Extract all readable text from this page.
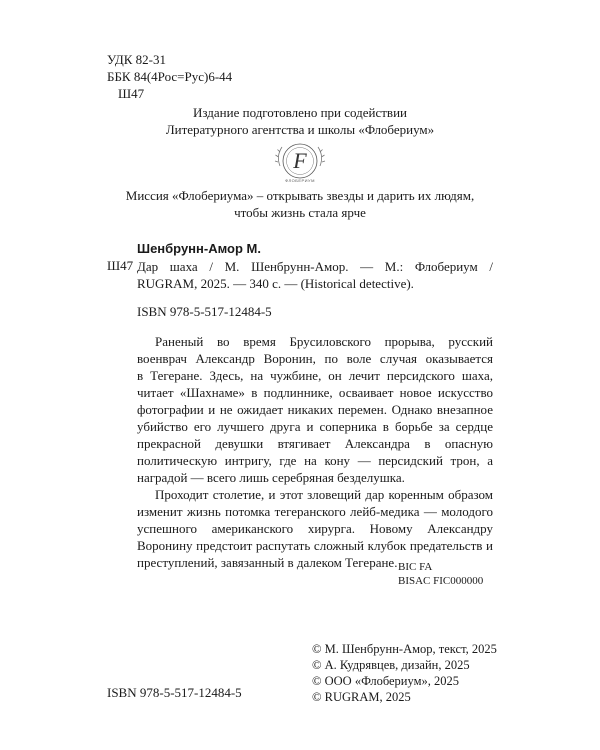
УДК 82-31
ББК 84(4Рос=Рус)6-44
Ш47
Издание подготовлено при содействии
Литературного агентства и школы «Флобериум»
F
ФЛОБЕРИУМ
Миссия «Флобериума» – открывать звезды и дарить их людям,
чтобы жизнь стала ярче
Шенбрунн-Амор М.
Ш47 Дар шаха / М. Шенбрунн-Амор. — М.: Флобериум /
RUGRAM, 2025. — 340 с. — (Historical detective).
ISBN 978-5-517-12484-5
Раненый во время Брусиловского прорыва, русский
военврач Александр Воронин, по воле случая оказывается
в Тегеране. Здесь, на чужбине, он лечит персидского шаха,
читает «Шахнаме» в подлиннике, осваивает новое искусство
фотографии и не ожидает никаких перемен. Однако внезапное
убийство его лучшего друга и соперника в борьбе за сердце
прекрасной девушки втягивает Александра в опасную
политическую интригу, где на кону — персидский трон, а
наградой — всего лишь серебряная безделушка.
Проходит столетие, и этот зловещий дар коренным образом
изменит жизнь потомка тегеранского лейб-медика — молодого
успешного американского хирурга. Новому Александру
Воронину предстоит распутать сложный клубок предательств и
преступлений, завязанный в далеком Тегеране. BIC FA
BISAC FIC000000
© М. Шенбрунн-Амор, текст, 2025
© А. Кудрявцев, дизайн, 2025
© ООО «Флобериум», 2025
© RUGRAM, 2025
ISBN 978-5-517-12484-5
